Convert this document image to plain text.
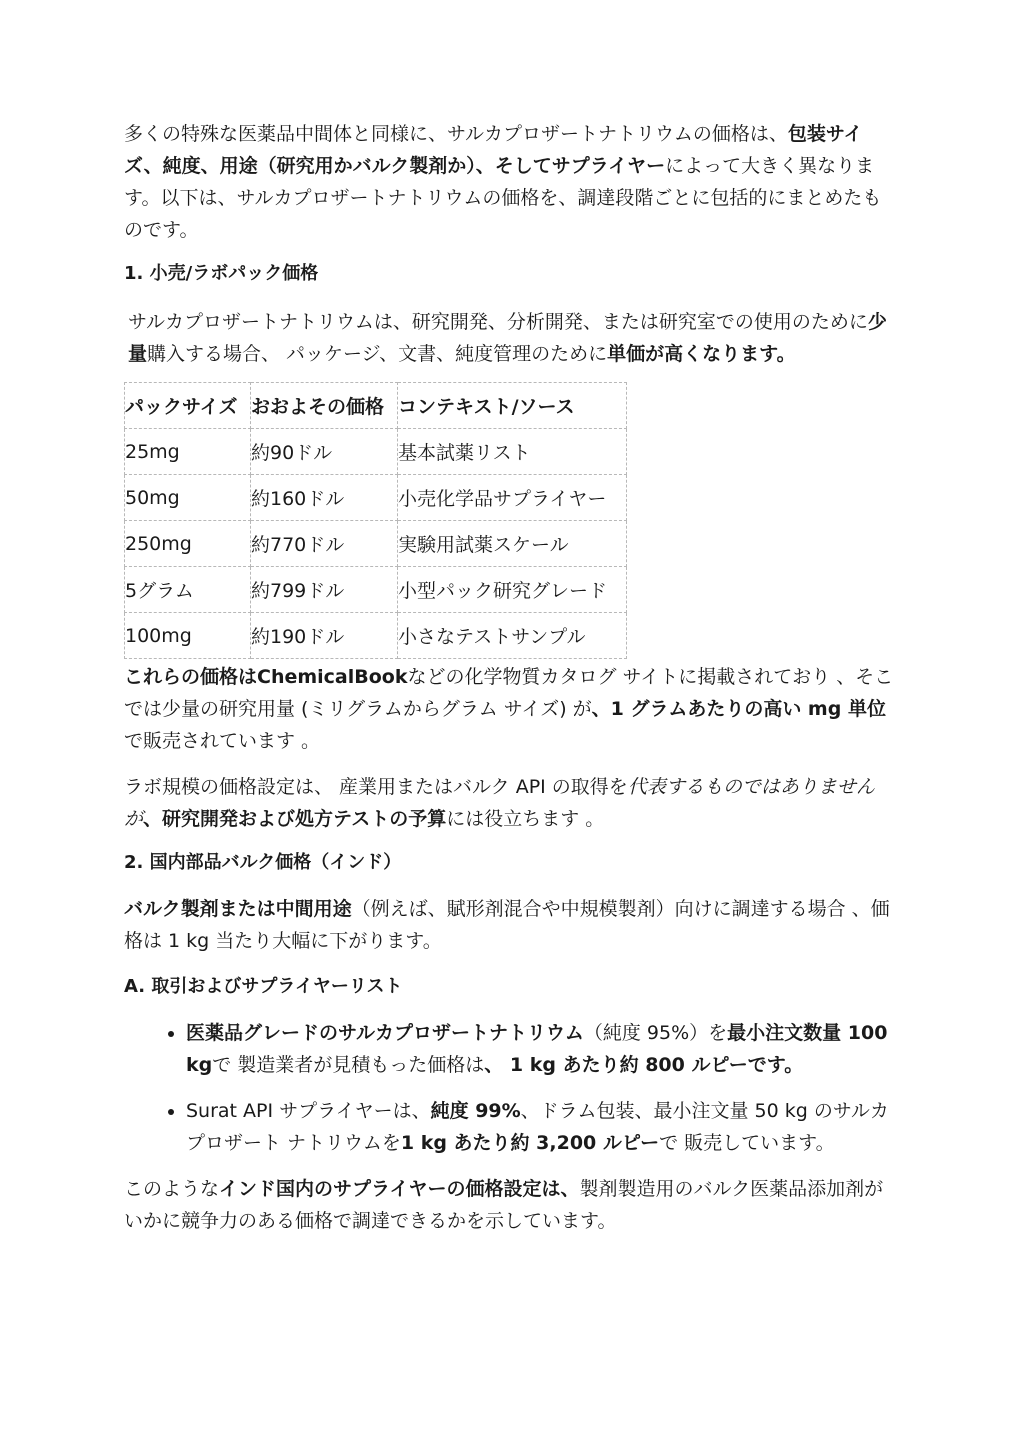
多くの特殊な医薬品中間体と同様に、サルカプロザートナトリウムの価格は、包装サイズ、純度、用途（研究用かバルク製剤か）、そしてサプライヤーによって大きく異なります。以下は、サルカプロザートナトリウムの価格を、調達段階ごとに包括的にまとめたものです。

1. 小売/ラボパック価格

サルカプロザートナトリウムは、研究開発、分析開発、または研究室での使用のために少量購入する場合、 パッケージ、文書、純度管理のために単価が高くなります。

パックサイズ	おおよその価格	コンテキスト/ソース
25mg	約90ドル	基本試薬リスト
50mg	約160ドル	小売化学品サプライヤー
250mg	約770ドル	実験用試薬スケール
5グラム	約799ドル	小型パック研究グレード
100mg	約190ドル	小さなテストサンプル

これらの価格はChemicalBookなどの化学物質カタログ サイトに掲載されており 、そこでは少量の研究用量 (ミリグラムからグラム サイズ) が、1 グラムあたりの高い mg 単位で販売されています 。

ラボ規模の価格設定は、 産業用またはバルク API の取得を代表するものではありませんが、研究開発および処方テストの予算には役立ちます 。

2. 国内部品バルク価格（インド）

バルク製剤または中間用途（例えば、賦形剤混合や中規模製剤）向けに調達する場合 、価格は 1 kg 当たり大幅に下がります。

A. 取引およびサプライヤーリスト

• 医薬品グレードのサルカプロザートナトリウム（純度 95%）を最小注文数量 100 kgで 製造業者が見積もった価格は、 1 kg あたり約 800 ルピーです。
• Surat API サプライヤーは、純度 99%、ドラム包装、最小注文量 50 kg のサルカプロザート ナトリウムを1 kg あたり約 3,200 ルピーで 販売しています。

このようなインド国内のサプライヤーの価格設定は、製剤製造用のバルク医薬品添加剤がいかに競争力のある価格で調達できるかを示しています。
